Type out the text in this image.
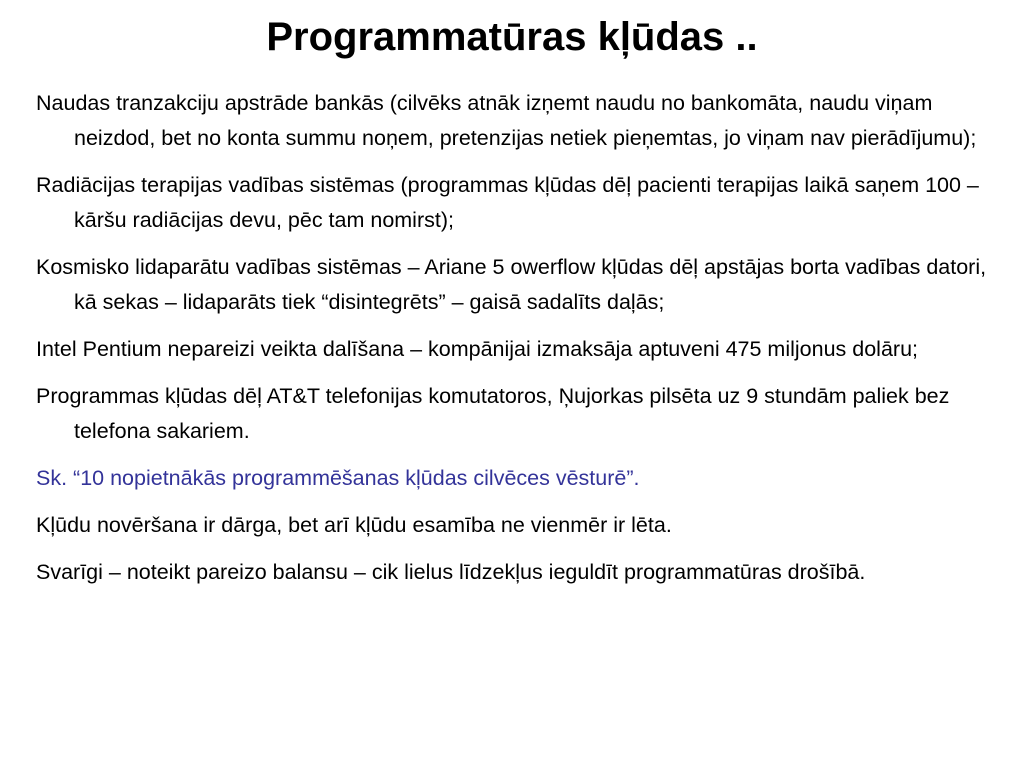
Programmatūras kļūdas ..

Naudas tranzakciju apstrāde bankās (cilvēks atnāk izņemt naudu no bankomāta, naudu viņam neizdod, bet no konta summu noņem, pretenzijas netiek pieņemtas, jo viņam nav pierādījumu);

Radiācijas terapijas vadības sistēmas (programmas kļūdas dēļ pacienti terapijas laikā saņem 100 – kāršu radiācijas devu, pēc tam nomirst);

Kosmisko lidaparātu vadības sistēmas – Ariane 5 owerflow kļūdas dēļ apstājas borta vadības datori, kā sekas – lidaparāts tiek “disintegrēts” – gaisā sadalīts daļās;

Intel Pentium nepareizi veikta dalīšana – kompānijai izmaksāja aptuveni 475 miljonus dolāru;

Programmas kļūdas dēļ AT&T telefonijas komutatoros, Ņujorkas pilsēta uz 9 stundām paliek bez telefona sakariem.

Sk. “10 nopietnākās programmēšanas kļūdas cilvēces vēsturē”.

Kļūdu novēršana ir dārga, bet arī kļūdu esamība ne vienmēr ir lēta.

Svarīgi – noteikt pareizo balansu – cik lielus līdzekļus ieguldīt programmatūras drošībā.
